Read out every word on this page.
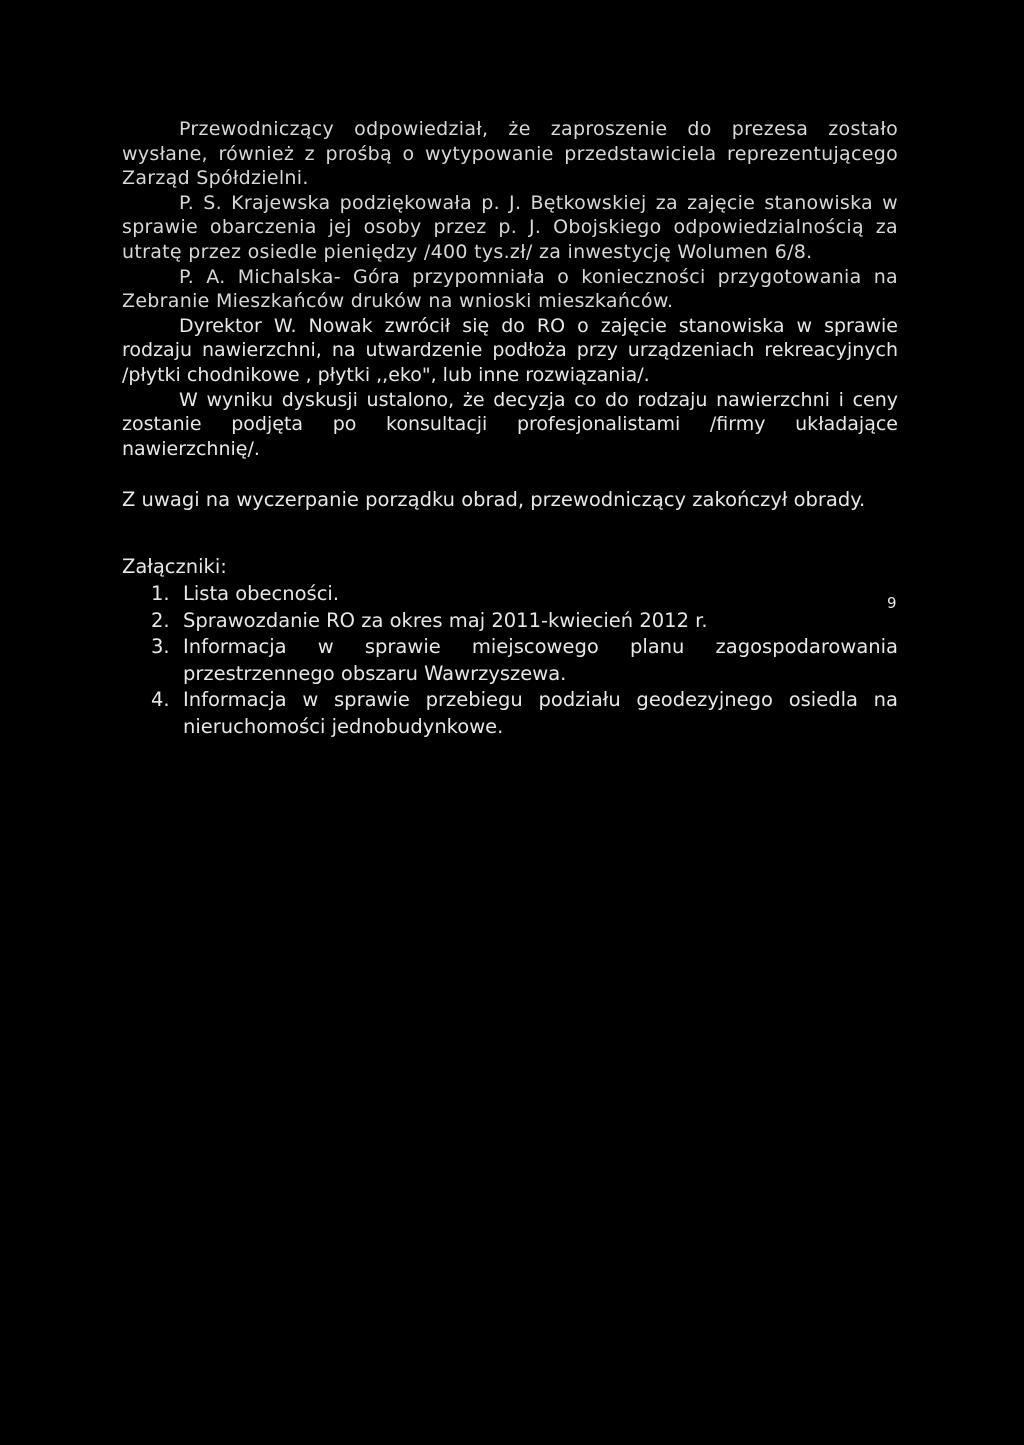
Przewodniczący odpowiedział, że zaproszenie do prezesa zostało wysłane, również z prośbą o wytypowanie przedstawiciela reprezentującego Zarząd Spółdzielni.

P. S. Krajewska podziękowała p. J. Bętkowskiej za zajęcie stanowiska w sprawie obarczenia jej osoby przez p. J. Obojskiego odpowiedzialnością za utratę przez osiedle pieniędzy /400 tys.zł/ za inwestycję Wolumen 6/8.

P. A. Michalska- Góra przypomniała o konieczności przygotowania na Zebranie Mieszkańców druków na wnioski mieszkańców.

Dyrektor W. Nowak zwrócił się do RO o zajęcie stanowiska w sprawie rodzaju nawierzchni, na utwardzenie podłoża przy urządzeniach rekreacyjnych /płytki chodnikowe , płytki ,,eko", lub inne rozwiązania/.

W wyniku dyskusji ustalono, że decyzja co do rodzaju nawierzchni i ceny zostanie podjęta po konsultacji profesjonalistami /firmy układające nawierzchnię/.

Z uwagi na wyczerpanie porządku obrad, przewodniczący zakończył obrady.

Załączniki:

1. Lista obecności.
2. Sprawozdanie RO za okres maj 2011-kwiecień 2012 r.
3. Informacja w sprawie miejscowego planu zagospodarowania przestrzennego obszaru Wawrzyszewa.
4. Informacja w sprawie przebiegu podziału geodezyjnego osiedla na nieruchomości jednobudynkowe.
9
